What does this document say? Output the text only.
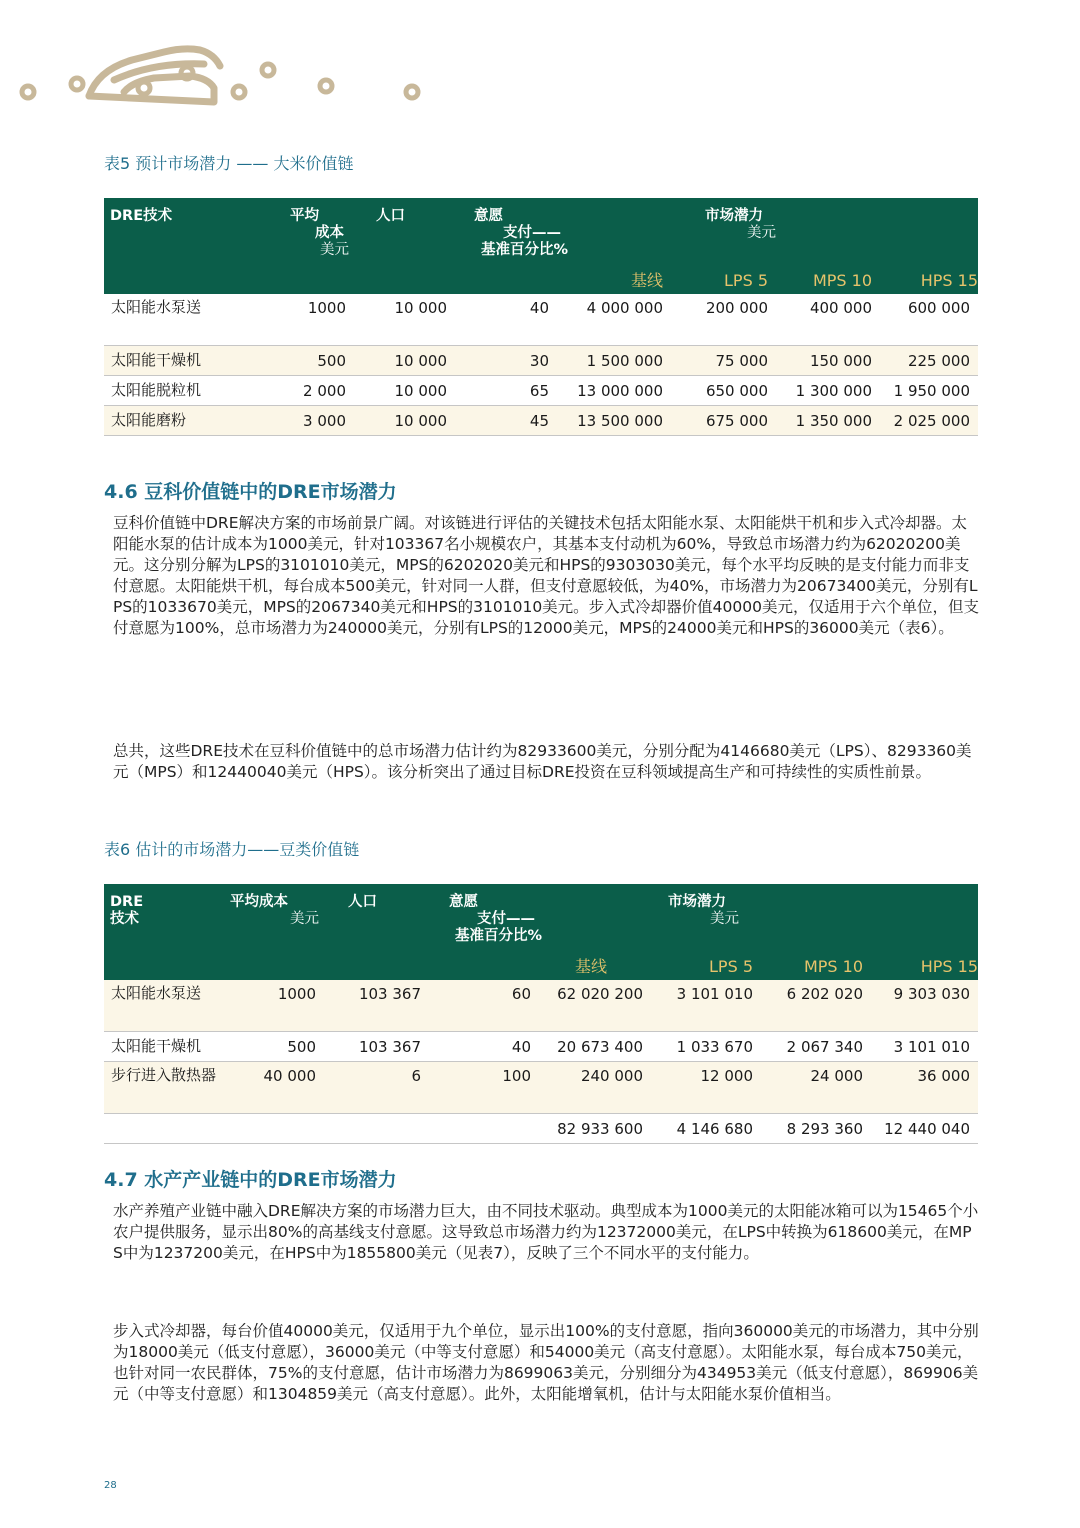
表5 预计市场潜力 —— 大米价值链
DRE技术	平均
成本
美元	人口	意愿
支付——
基准百分比%		市场潜力
美元		

				基线	LPS 5	MPS 10	HPS 15

太阳能水泵送	1000	10 000	40	4 000 000	200 000	400 000	600 000
太阳能干燥机	500	10 000	30	1 500 000	75 000	150 000	225 000
太阳能脱粒机	2 000	10 000	65	13 000 000	650 000	1 300 000	1 950 000
太阳能磨粉	3 000	10 000	45	13 500 000	675 000	1 350 000	2 025 000
4.6 豆科价值链中的DRE市场潜力

豆科价值链中DRE解决方案的市场前景广阔。对该链进行评估的关键技术包括太阳能水泵、太阳能烘干机和步入式冷却器。太阳能水泵的估计成本为1000美元，针对103367名小规模农户，其基本支付动机为60%，导致总市场潜力约为62020200美元。这分别分解为LPS的3101010美元，MPS的6202020美元和HPS的9303030美元，每个水平均反映的是支付能力而非支付意愿。太阳能烘干机，每台成本500美元，针对同一人群，但支付意愿较低，为40%，市场潜力为20673400美元，分别有LPS的1033670美元，MPS的2067340美元和HPS的3101010美元。步入式冷却器价值40000美元，仅适用于六个单位，但支付意愿为100%，总市场潜力为240000美元，分别有LPS的12000美元，MPS的24000美元和HPS的36000美元（表6）。

总共，这些DRE技术在豆科价值链中的总市场潜力估计约为82933600美元，分别分配为4146680美元（LPS）、8293360美元（MPS）和12440040美元（HPS）。该分析突出了通过目标DRE投资在豆科领域提高生产和可持续性的实质性前景。

表6 估计的市场潜力——豆类价值链
DRE
技术	平均成本
美元	人口	意愿
支付——
基准百分比%		市场潜力
美元		

				基线	LPS 5	MPS 10	HPS 15

太阳能水泵送	1000	103 367	60	62 020 200	3 101 010	6 202 020	9 303 030
太阳能干燥机	500	103 367	40	20 673 400	1 033 670	2 067 340	3 101 010
步行进入散热器	40 000	6	100	240 000	12 000	24 000	36 000
				82 933 600	4 146 680	8 293 360	12 440 040
4.7 水产产业链中的DRE市场潜力

水产养殖产业链中融入DRE解决方案的市场潜力巨大，由不同技术驱动。典型成本为1000美元的太阳能冰箱可以为15465个小农户提供服务，显示出80%的高基线支付意愿。这导致总市场潜力约为12372000美元，在LPS中转换为618600美元，在MPS中为1237200美元，在HPS中为1855800美元（见表7），反映了三个不同水平的支付能力。

步入式冷却器，每台价值40000美元，仅适用于九个单位，显示出100%的支付意愿，指向360000美元的市场潜力，其中分别为18000美元（低支付意愿），36000美元（中等支付意愿）和54000美元（高支付意愿）。太阳能水泵，每台成本750美元，也针对同一农民群体，75%的支付意愿，估计市场潜力为8699063美元，分别细分为434953美元（低支付意愿），869906美元（中等支付意愿）和1304859美元（高支付意愿）。此外，太阳能增氧机，估计与太阳能水泵价值相当。

28
